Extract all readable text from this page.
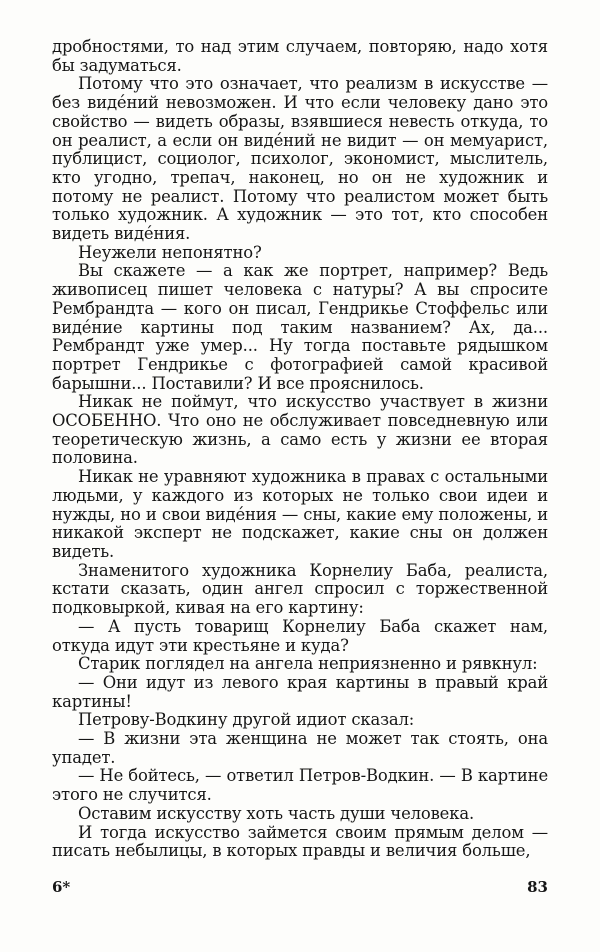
дробностями, то над этим случаем, повторяю, надо хотя бы задуматься.

Потому что это означает, что реализм в искусстве — без видéний невозможен. И что если человеку дано это свойство — видеть образы, взявшиеся невесть откуда, то он реалист, а если он видéний не видит — он мемуарист, публицист, социолог, психолог, экономист, мыслитель, кто угодно, трепач, наконец, но он не художник и потому не реалист. Потому что реалистом может быть только художник. А художник — это тот, кто способен видеть видéния.

Неужели непонятно?

Вы скажете — а как же портрет, например? Ведь живописец пишет человека с натуры? А вы спросите Рембрандта — кого он писал, Гендрикье Стоффельс или видéние картины под таким названием? Ах, да... Рембрандт уже умер... Ну тогда поставьте рядышком портрет Гендрикье с фотографией самой красивой барышни... Поставили? И все прояснилось.

Никак не поймут, что искусство участвует в жизни ОСОБЕННО. Что оно не обслуживает повседневную или теоретическую жизнь, а само есть у жизни ее вторая половина.

Никак не уравняют художника в правах с остальными людьми, у каждого из которых не только свои идеи и нужды, но и свои видéния — сны, какие ему положены, и никакой эксперт не подскажет, какие сны он должен видеть.

Знаменитого художника Корнелиу Баба, реалиста, кстати сказать, один ангел спросил с торжественной подковыркой, кивая на его картину:

— А пусть товарищ Корнелиу Баба скажет нам, откуда идут эти крестьяне и куда?

Старик поглядел на ангела неприязненно и рявкнул:

— Они идут из левого края картины в правый край картины!

Петрову-Водкину другой идиот сказал:

— В жизни эта женщина не может так стоять, она упадет.

— Не бойтесь, — ответил Петров-Водкин. — В картине этого не случится.

Оставим искусству хоть часть души человека.

И тогда искусство займется своим прямым делом — писать небылицы, в которых правды и величия больше,

6*	83
